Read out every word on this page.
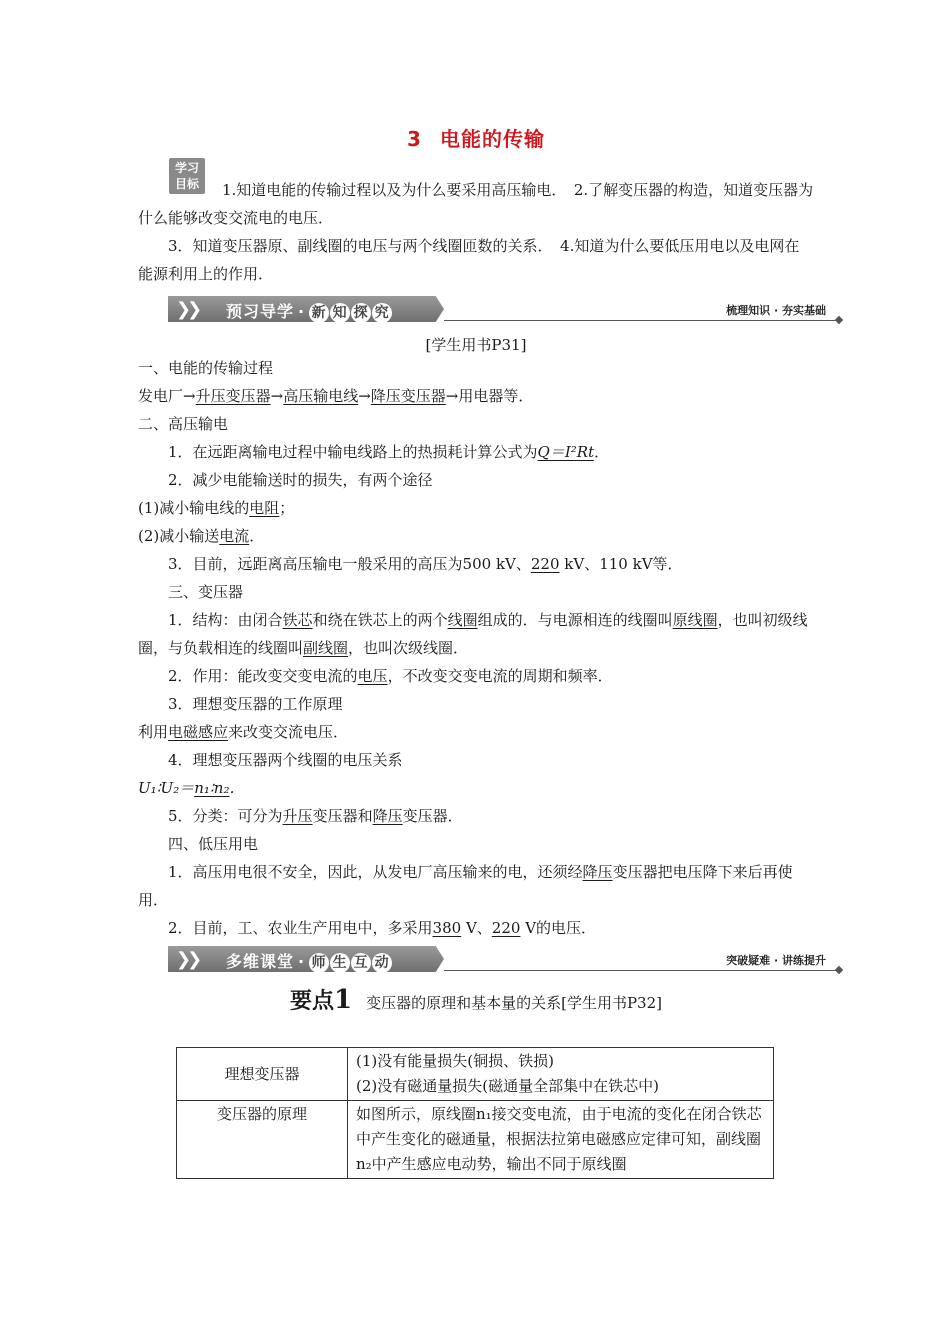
3 电能的传输
学习
目标	1.知道电能的传输过程以及为什么要采用高压输电．　2.了解变压器的构造，知道变压器为什么能够改变交流电的电压．

3．知道变压器原、副线圈的电压与两个线圈匝数的关系．　4.知道为什么要低压用电以及电网在能源利用上的作用．

❯❯ 预习导学 · 新 知 探 究	梳理知识 · 夯实基础
[学生用书P31]

一、电能的传输过程

发电厂→升压变压器→高压输电线→降压变压器→用电器等．

二、高压输电

1．在远距离输电过程中输电线路上的热损耗计算公式为Q＝I²Rt．

2．减少电能输送时的损失，有两个途径

(1)减小输电线的电阻；

(2)减小输送电流．

3．目前，远距离高压输电一般采用的高压为500 kV、220 kV、110 kV等．

三、变压器

1．结构：由闭合铁芯和绕在铁芯上的两个线圈组成的．与电源相连的线圈叫原线圈，也叫初级线圈，与负载相连的线圈叫副线圈，也叫次级线圈．

2．作用：能改变交变电流的电压，不改变交变电流的周期和频率．

3．理想变压器的工作原理

利用电磁感应来改变交流电压．

4．理想变压器两个线圈的电压关系

U₁∶U₂＝n₁∶n₂．

5．分类：可分为升压变压器和降压变压器．

四、低压用电

1．高压用电很不安全，因此，从发电厂高压输来的电，还须经降压变压器把电压降下来后再使用．

2．目前，工、农业生产用电中，多采用380 V、220 V的电压．

❯❯ 多维课堂 · 师 生 互 动	突破疑难 · 讲练提升
要点1 变压器的原理和基本量的关系[学生用书P32]
理想变压器	(1)没有能量损失(铜损、铁损)
(2)没有磁通量损失(磁通量全部集中在铁芯中)

变压器的原理	如图所示，原线圈n₁接交变电流，由于电流的变化在闭合铁芯中产生变化的磁通量，根据法拉第电磁感应定律可知，副线圈n₂中产生感应电动势，输出不同于原线圈
